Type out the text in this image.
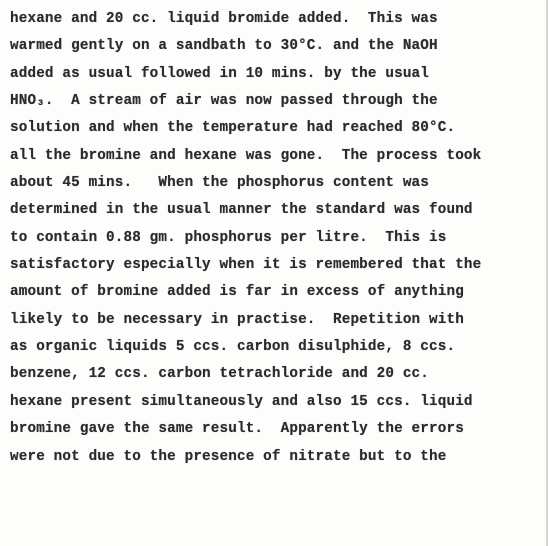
hexane and 20 cc. liquid bromide added.  This was
warmed gently on a sandbath to 30°C. and the NaOH
added as usual followed in 10 mins. by the usual
HNO₃.  A stream of air was now passed through the
solution and when the temperature had reached 80°C.
all the bromine and hexane was gone.  The process took
about 45 mins.   When the phosphorus content was
determined in the usual manner the standard was found
to contain 0.88 gm. phosphorus per litre.  This is
satisfactory especially when it is remembered that the
amount of bromine added is far in excess of anything
likely to be necessary in practise.  Repetition with
as organic liquids 5 ccs. carbon disulphide, 8 ccs.
benzene, 12 ccs. carbon tetrachloride and 20 cc.
hexane present simultaneously and also 15 ccs. liquid
bromine gave the same result.  Apparently the errors
were not due to the presence of nitrate but to the
